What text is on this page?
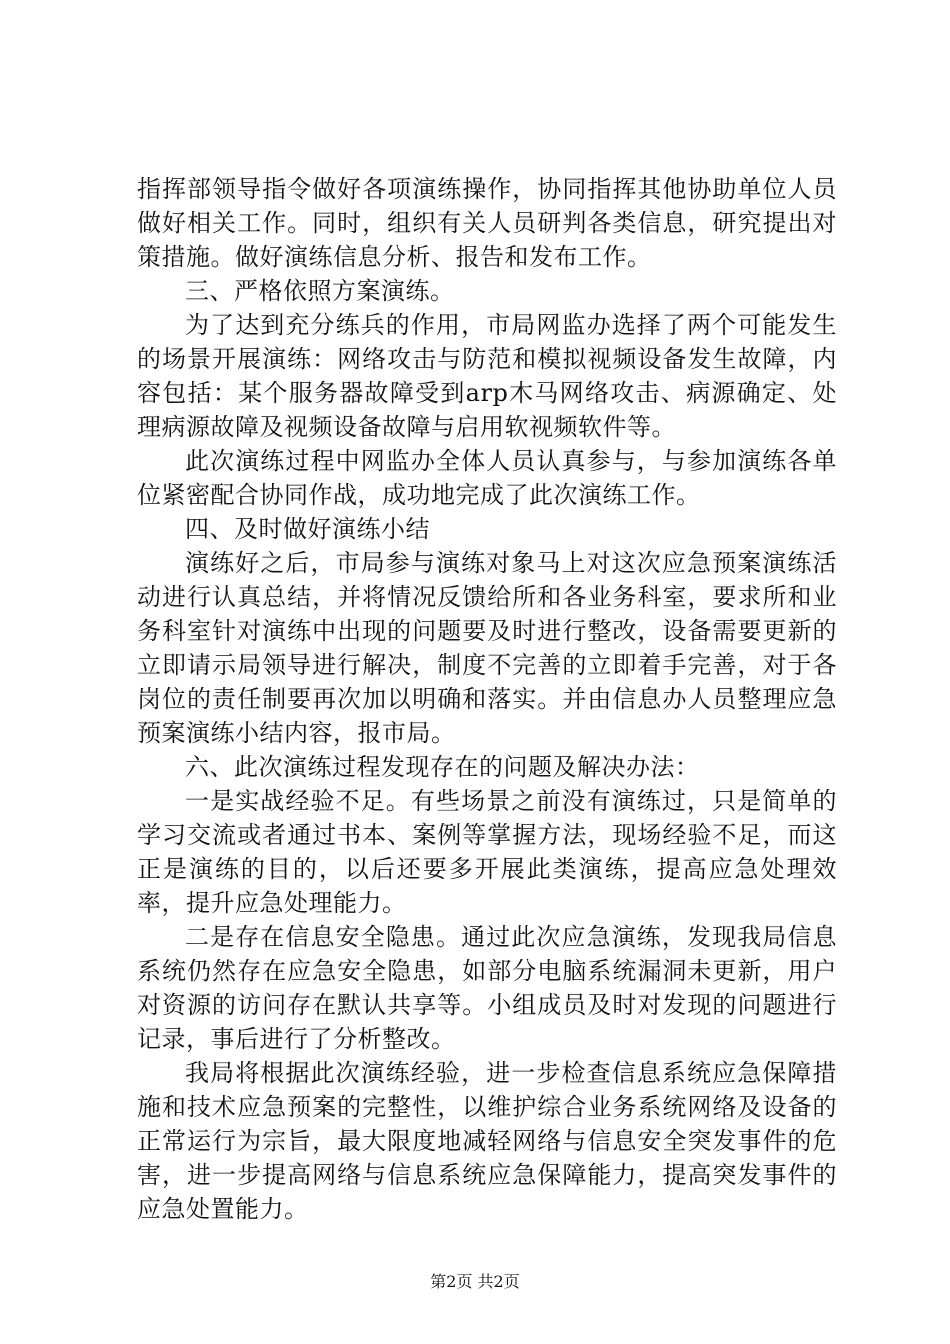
指挥部领导指令做好各项演练操作，协同指挥其他协助单位人员做好相关工作。同时，组织有关人员研判各类信息，研究提出对策措施。做好演练信息分析、报告和发布工作。

三、严格依照方案演练。

为了达到充分练兵的作用，市局网监办选择了两个可能发生的场景开展演练：网络攻击与防范和模拟视频设备发生故障，内容包括：某个服务器故障受到arp木马网络攻击、病源确定、处理病源故障及视频设备故障与启用软视频软件等。

此次演练过程中网监办全体人员认真参与，与参加演练各单位紧密配合协同作战，成功地完成了此次演练工作。

四、及时做好演练小结

演练好之后，市局参与演练对象马上对这次应急预案演练活动进行认真总结，并将情况反馈给所和各业务科室，要求所和业务科室针对演练中出现的问题要及时进行整改，设备需要更新的立即请示局领导进行解决，制度不完善的立即着手完善，对于各岗位的责任制要再次加以明确和落实。并由信息办人员整理应急预案演练小结内容，报市局。

六、此次演练过程发现存在的问题及解决办法：

一是实战经验不足。有些场景之前没有演练过，只是简单的学习交流或者通过书本、案例等掌握方法，现场经验不足，而这正是演练的目的，以后还要多开展此类演练，提高应急处理效率，提升应急处理能力。

二是存在信息安全隐患。通过此次应急演练，发现我局信息系统仍然存在应急安全隐患，如部分电脑系统漏洞未更新，用户对资源的访问存在默认共享等。小组成员及时对发现的问题进行记录，事后进行了分析整改。

我局将根据此次演练经验，进一步检查信息系统应急保障措施和技术应急预案的完整性，以维护综合业务系统网络及设备的正常运行为宗旨，最大限度地减轻网络与信息安全突发事件的危害，进一步提高网络与信息系统应急保障能力，提高突发事件的应急处置能力。

第2页 共2页
